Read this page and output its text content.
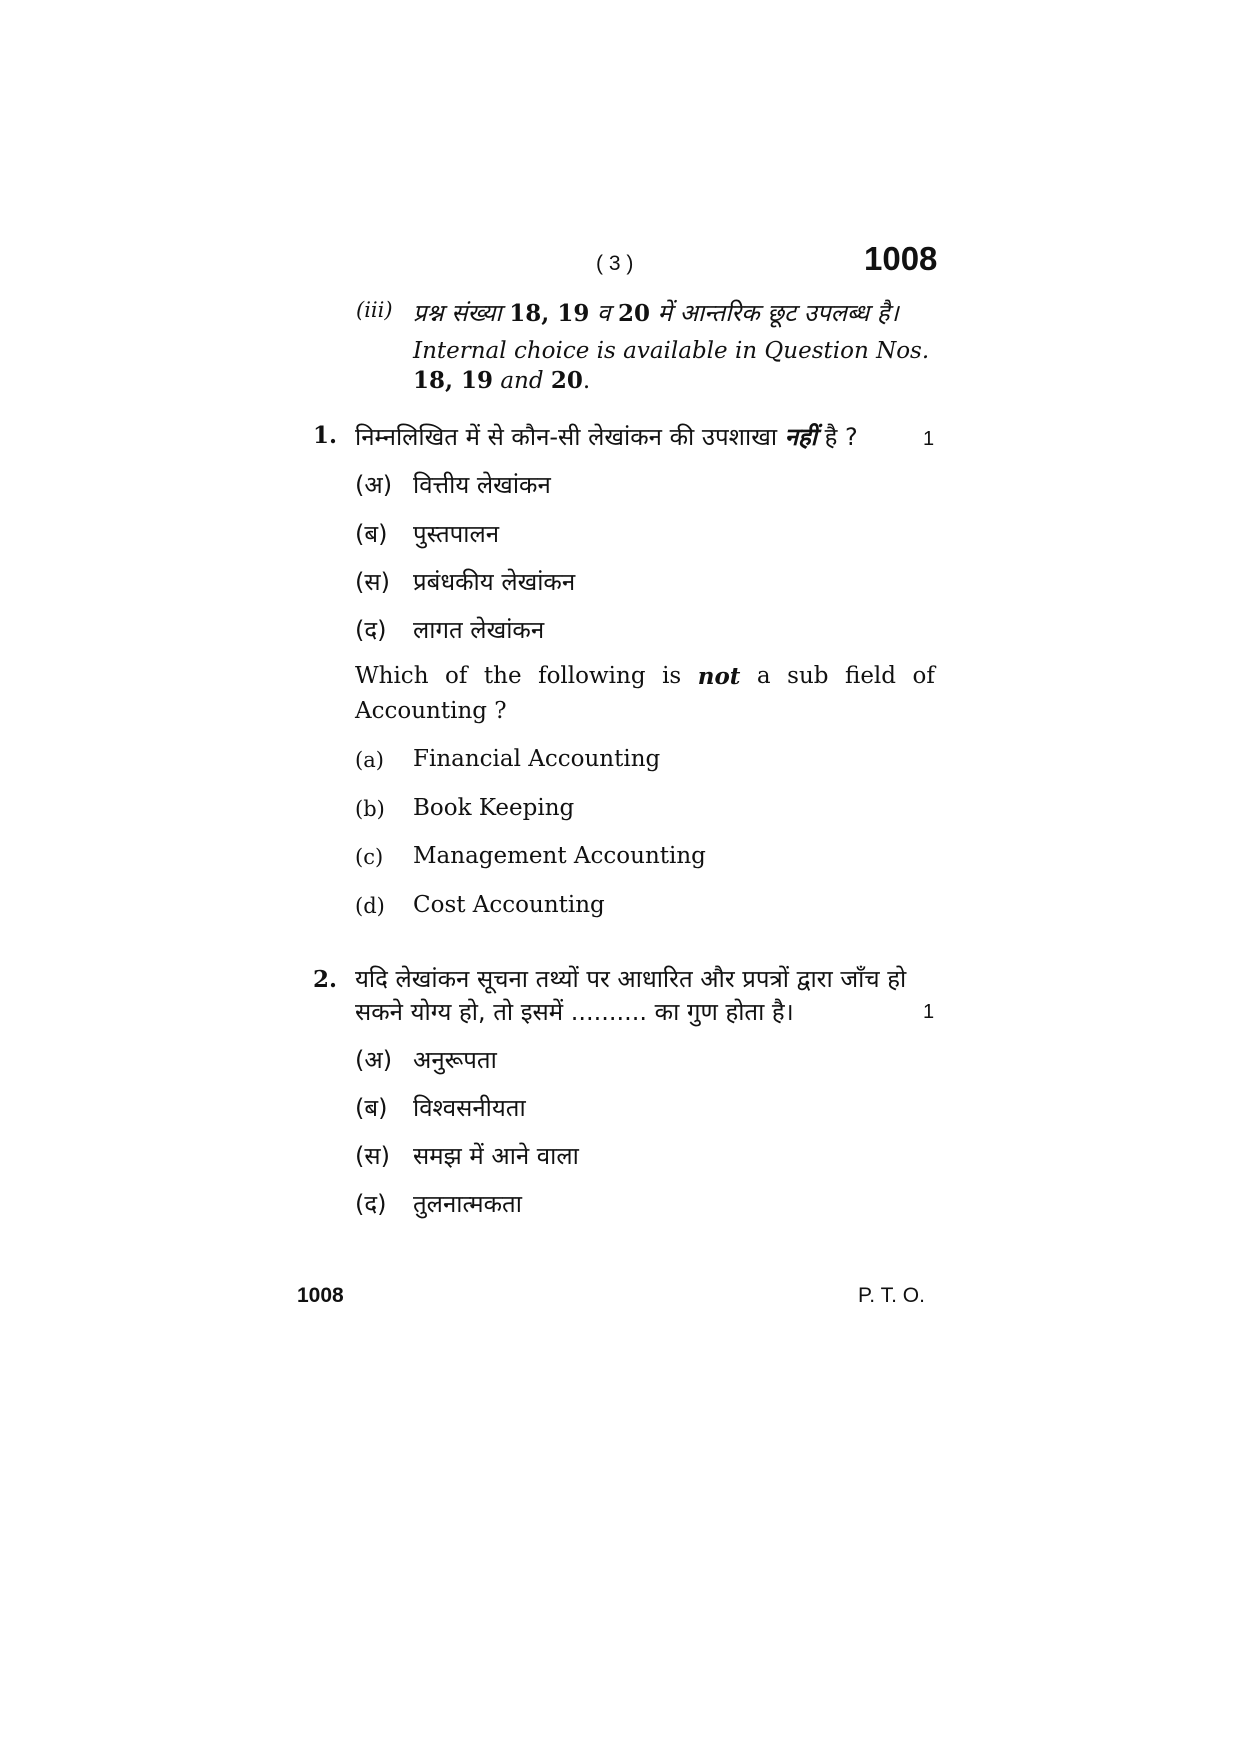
( 3 )	1008
(iii) प्रश्न संख्या 18, 19 व 20 में आन्तरिक छूट उपलब्ध है।
Internal choice is available in Question Nos.
18, 19 and 20.
1. निम्नलिखित में से कौन-सी लेखांकन की उपशाखा नहीं है ?	1
(अ) वित्तीय लेखांकन
(ब) पुस्तपालन
(स) प्रबंधकीय लेखांकन
(द) लागत लेखांकन
Which of the following is not a sub field of
Accounting ?
(a) Financial Accounting
(b) Book Keeping
(c) Management Accounting
(d) Cost Accounting
2. यदि लेखांकन सूचना तथ्यों पर आधारित और प्रपत्रों द्वारा जाँच हो
सकने योग्य हो, तो इसमें .......... का गुण होता है।	1
(अ) अनुरूपता
(ब) विश्वसनीयता
(स) समझ में आने वाला
(द) तुलनात्मकता
1008	P. T. O.
